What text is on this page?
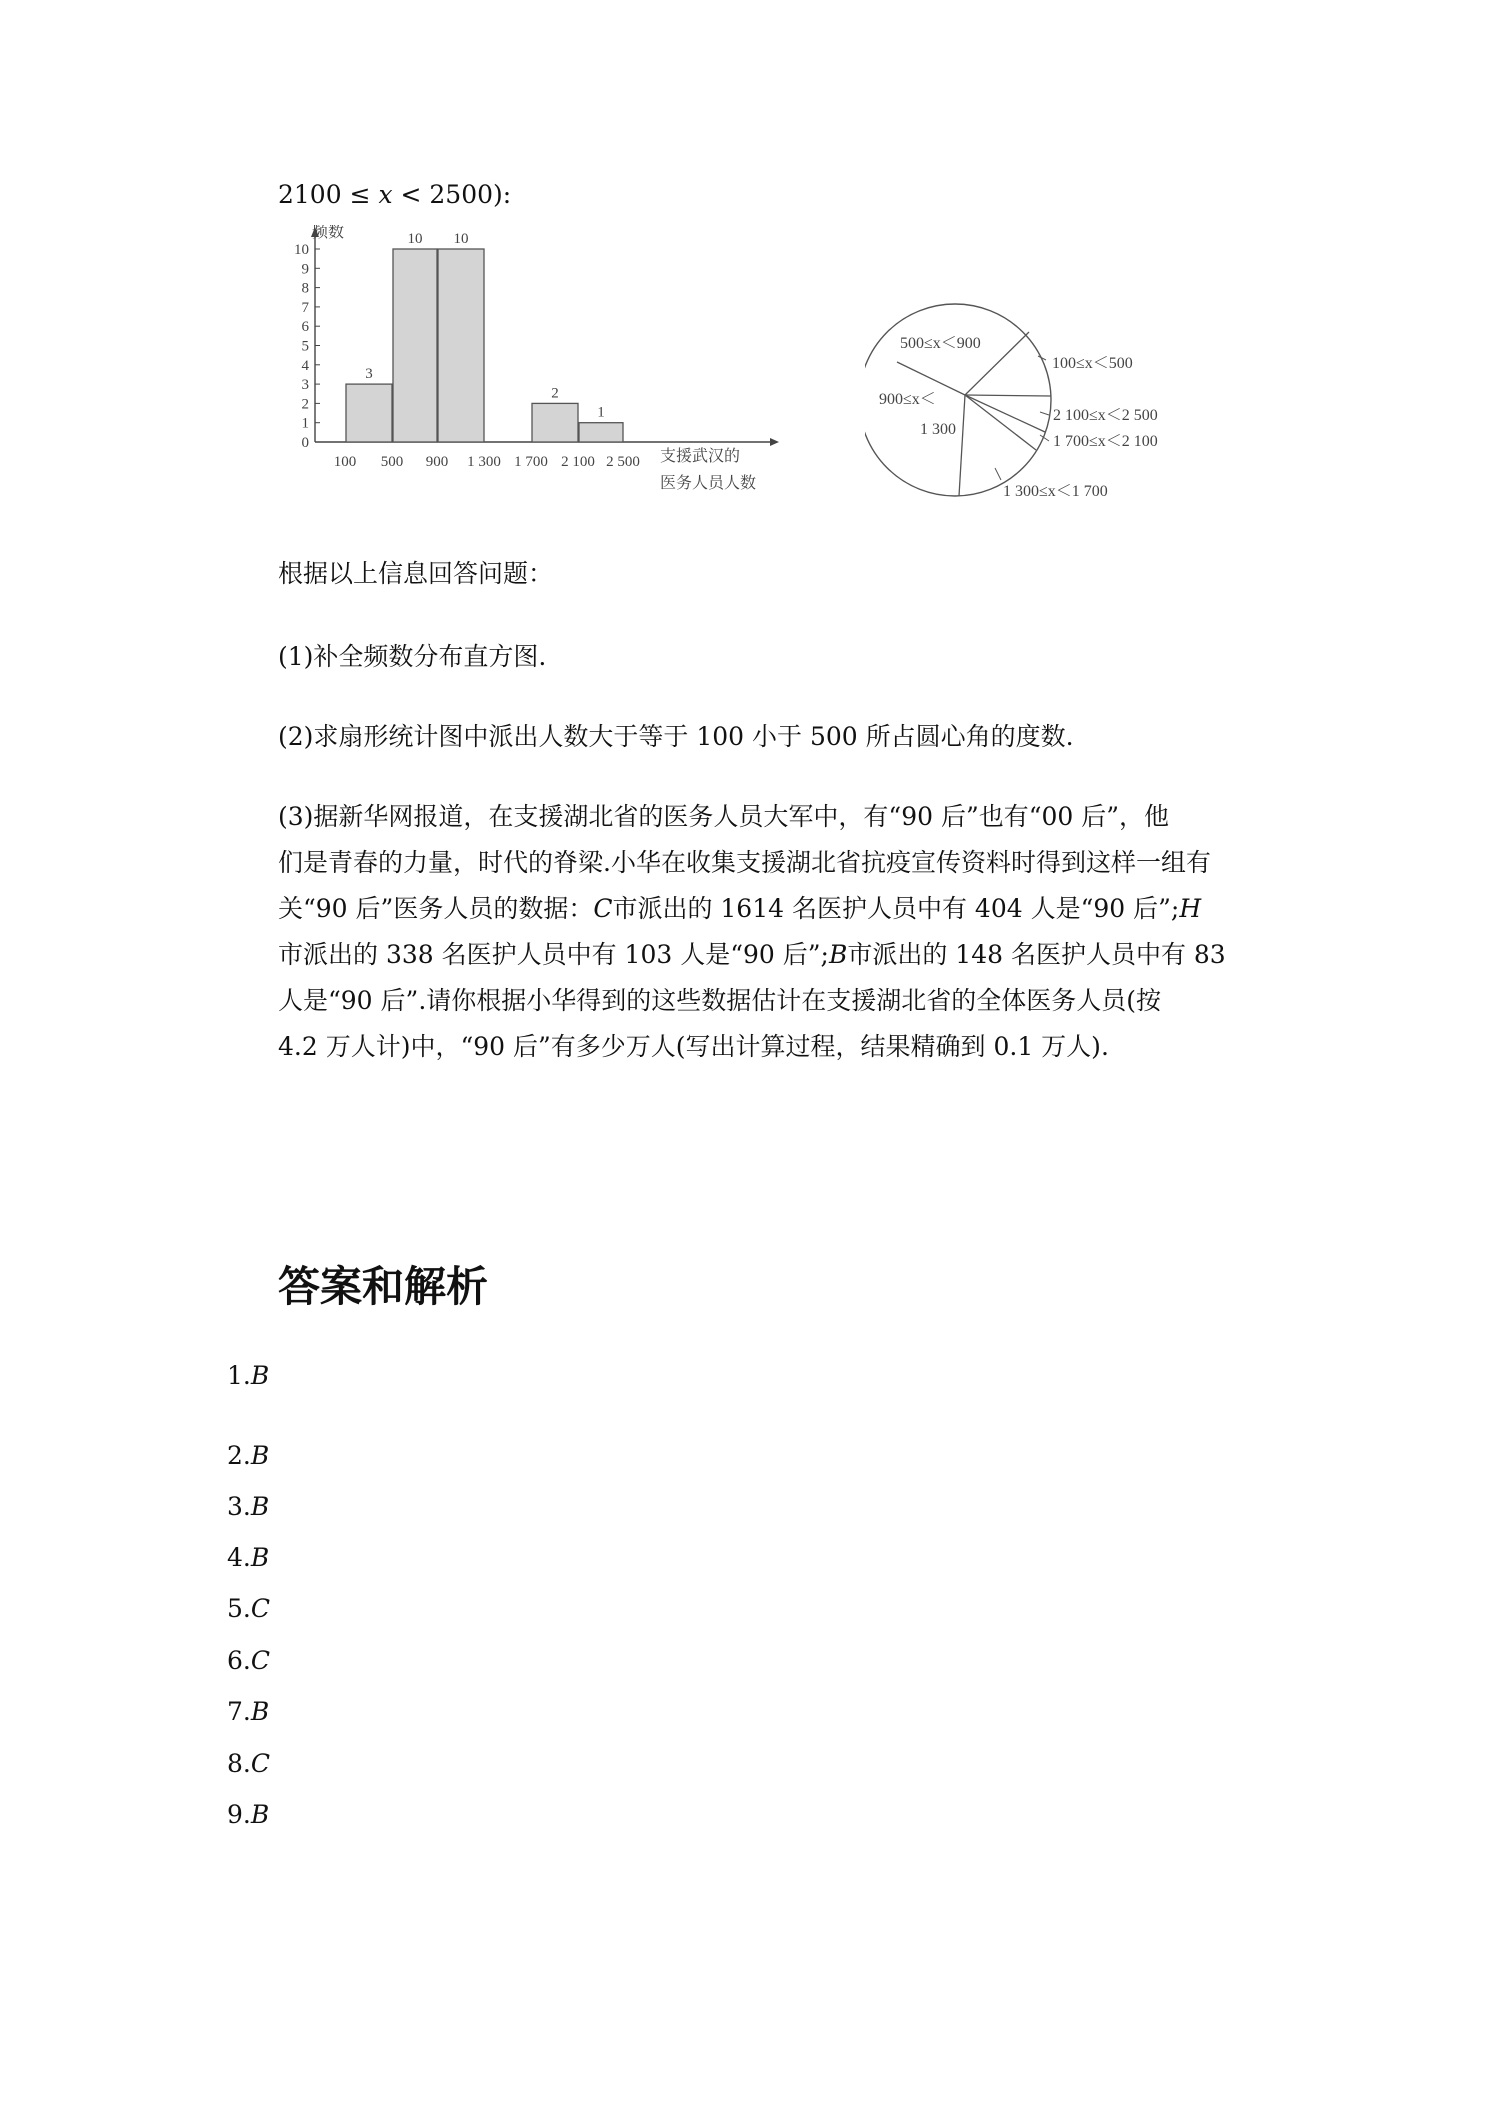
2100 ≤ 𝑥 < 2500):
0
1
2
3
4
5
6
7
8
9
10
100 500 900 1 300 1 700 2 100 2 500
3
10 10
2
1
频数
支援武汉的
医务人员人数
500≤x＜900
100≤x＜500
900≤x＜
1 300
2 100≤x＜2 500
1 700≤x＜2 100
1 300≤x＜1 700
根据以上信息回答问题：
(1)补全频数分布直方图.
(2)求扇形统计图中派出人数大于等于 100 小于 500 所占圆心角的度数.
(3)据新华网报道，在支援湖北省的医务人员大军中，有“90 后”也有“00 后”，他
们是青春的力量，时代的脊梁.小华在收集支援湖北省抗疫宣传资料时得到这样一组有
关“90 后”医务人员的数据：𝐶市派出的 1614 名医护人员中有 404 人是“90 后”;𝐻
市派出的 338 名医护人员中有 103 人是“90 后”;𝐵市派出的 148 名医护人员中有 83
人是“90 后”.请你根据小华得到的这些数据估计在支援湖北省的全体医务人员(按
4.2 万人计)中，“90 后”有多少万人(写出计算过程，结果精确到 0.1 万人).
答案和解析
1.B
2.B
3.B
4.B
5.C
6.C
7.B
8.C
9.B
